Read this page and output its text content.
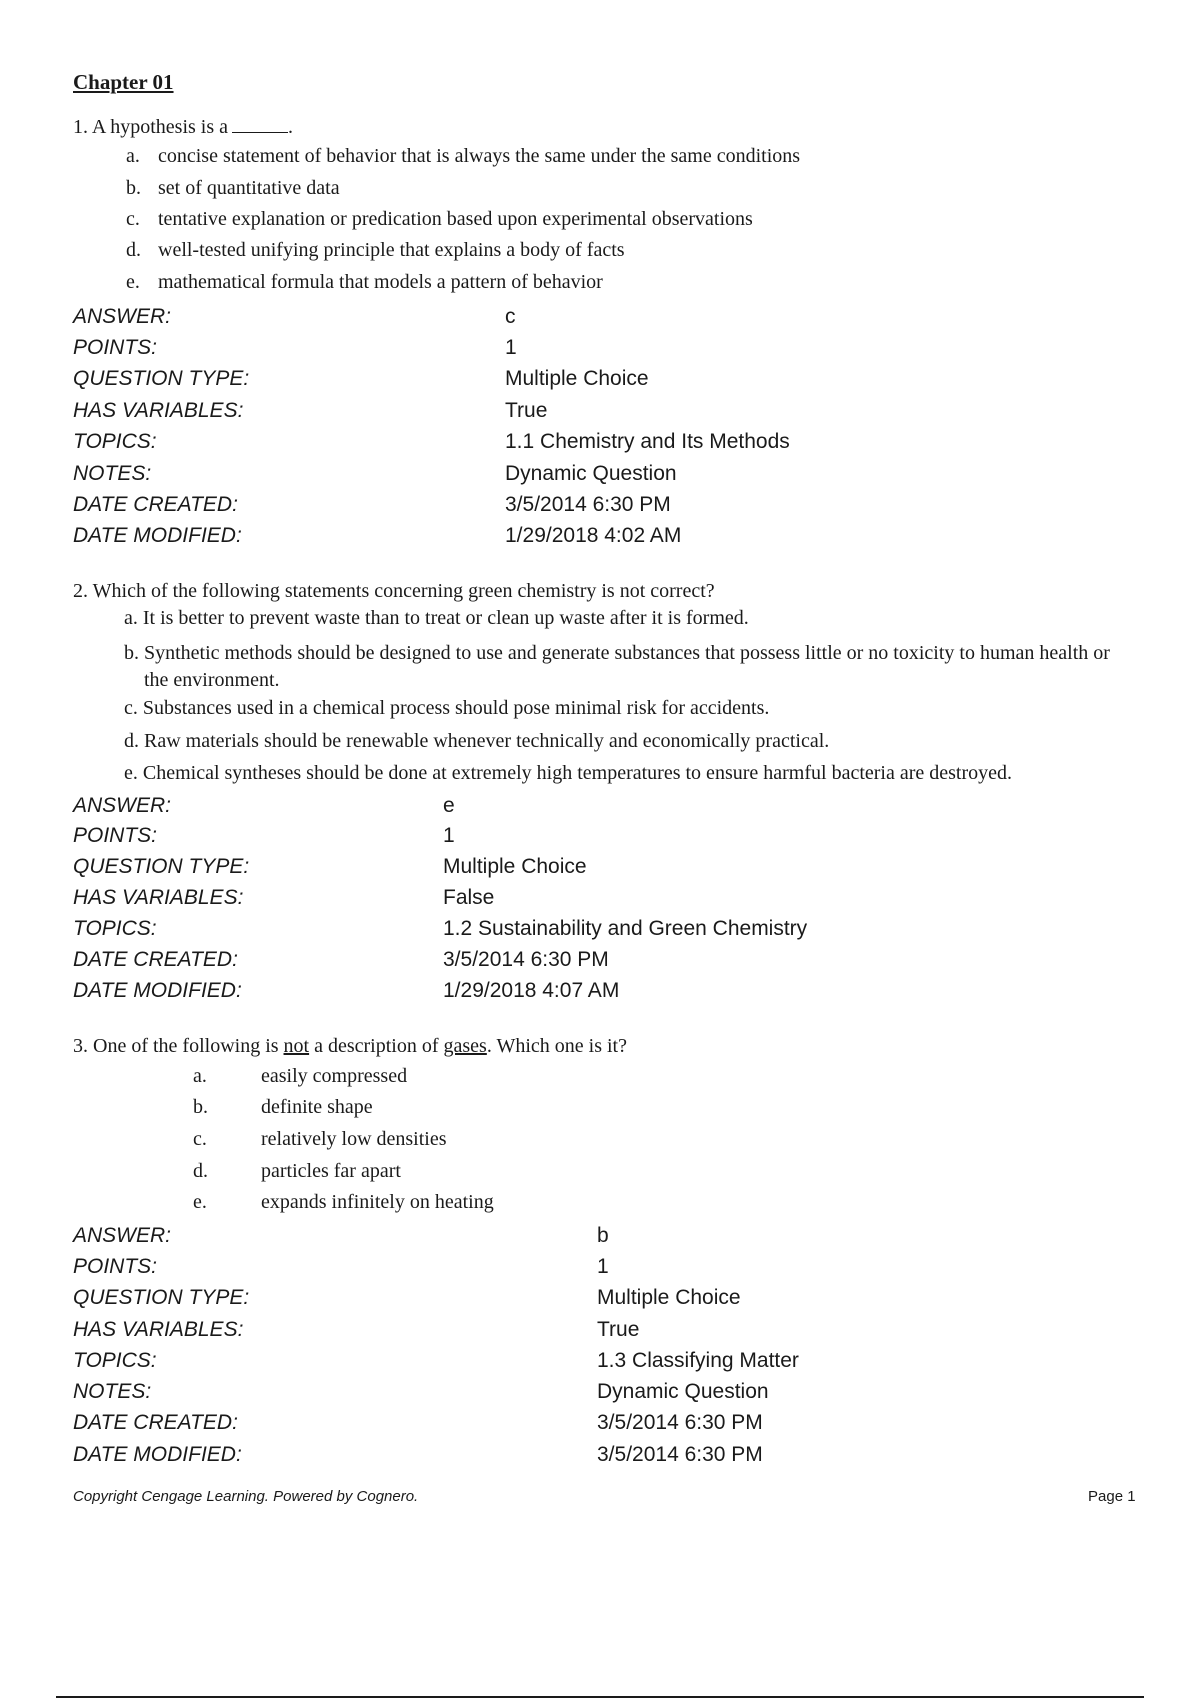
Chapter 01
1. A hypothesis is a	.
a. concise statement of behavior that is always the same under the same conditions
b. set of quantitative data
c. tentative explanation or predication based upon experimental observations
d. well-tested unifying principle that explains a body of facts
e. mathematical formula that models a pattern of behavior
ANSWER:	c
POINTS:	1
QUESTION TYPE:	Multiple Choice
HAS VARIABLES:	True
TOPICS:	1.1 Chemistry and Its Methods
NOTES:	Dynamic Question
DATE CREATED:	3/5/2014 6:30 PM
DATE MODIFIED:	1/29/2018 4:02 AM
2. Which of the following statements concerning green chemistry is not correct?
a. It is better to prevent waste than to treat or clean up waste after it is formed.
b. Synthetic methods should be designed to use and generate substances that possess little or no toxicity to human health or the environment.
c. Substances used in a chemical process should pose minimal risk for accidents.
d. Raw materials should be renewable whenever technically and economically practical.
e. Chemical syntheses should be done at extremely high temperatures to ensure harmful bacteria are destroyed.
ANSWER:	e
POINTS:	1
QUESTION TYPE:	Multiple Choice
HAS VARIABLES:	False
TOPICS:	1.2 Sustainability and Green Chemistry
DATE CREATED:	3/5/2014 6:30 PM
DATE MODIFIED:	1/29/2018 4:07 AM
3. One of the following is not a description of gases. Which one is it?
a.	easily compressed
b.	definite shape
c.	relatively low densities
d.	particles far apart
e.	expands infinitely on heating
ANSWER:	b
POINTS:	1
QUESTION TYPE:	Multiple Choice
HAS VARIABLES:	True
TOPICS:	1.3 Classifying Matter
NOTES:	Dynamic Question
DATE CREATED:	3/5/2014 6:30 PM
DATE MODIFIED:	3/5/2014 6:30 PM
Copyright Cengage Learning. Powered by Cognero.	Page 1
